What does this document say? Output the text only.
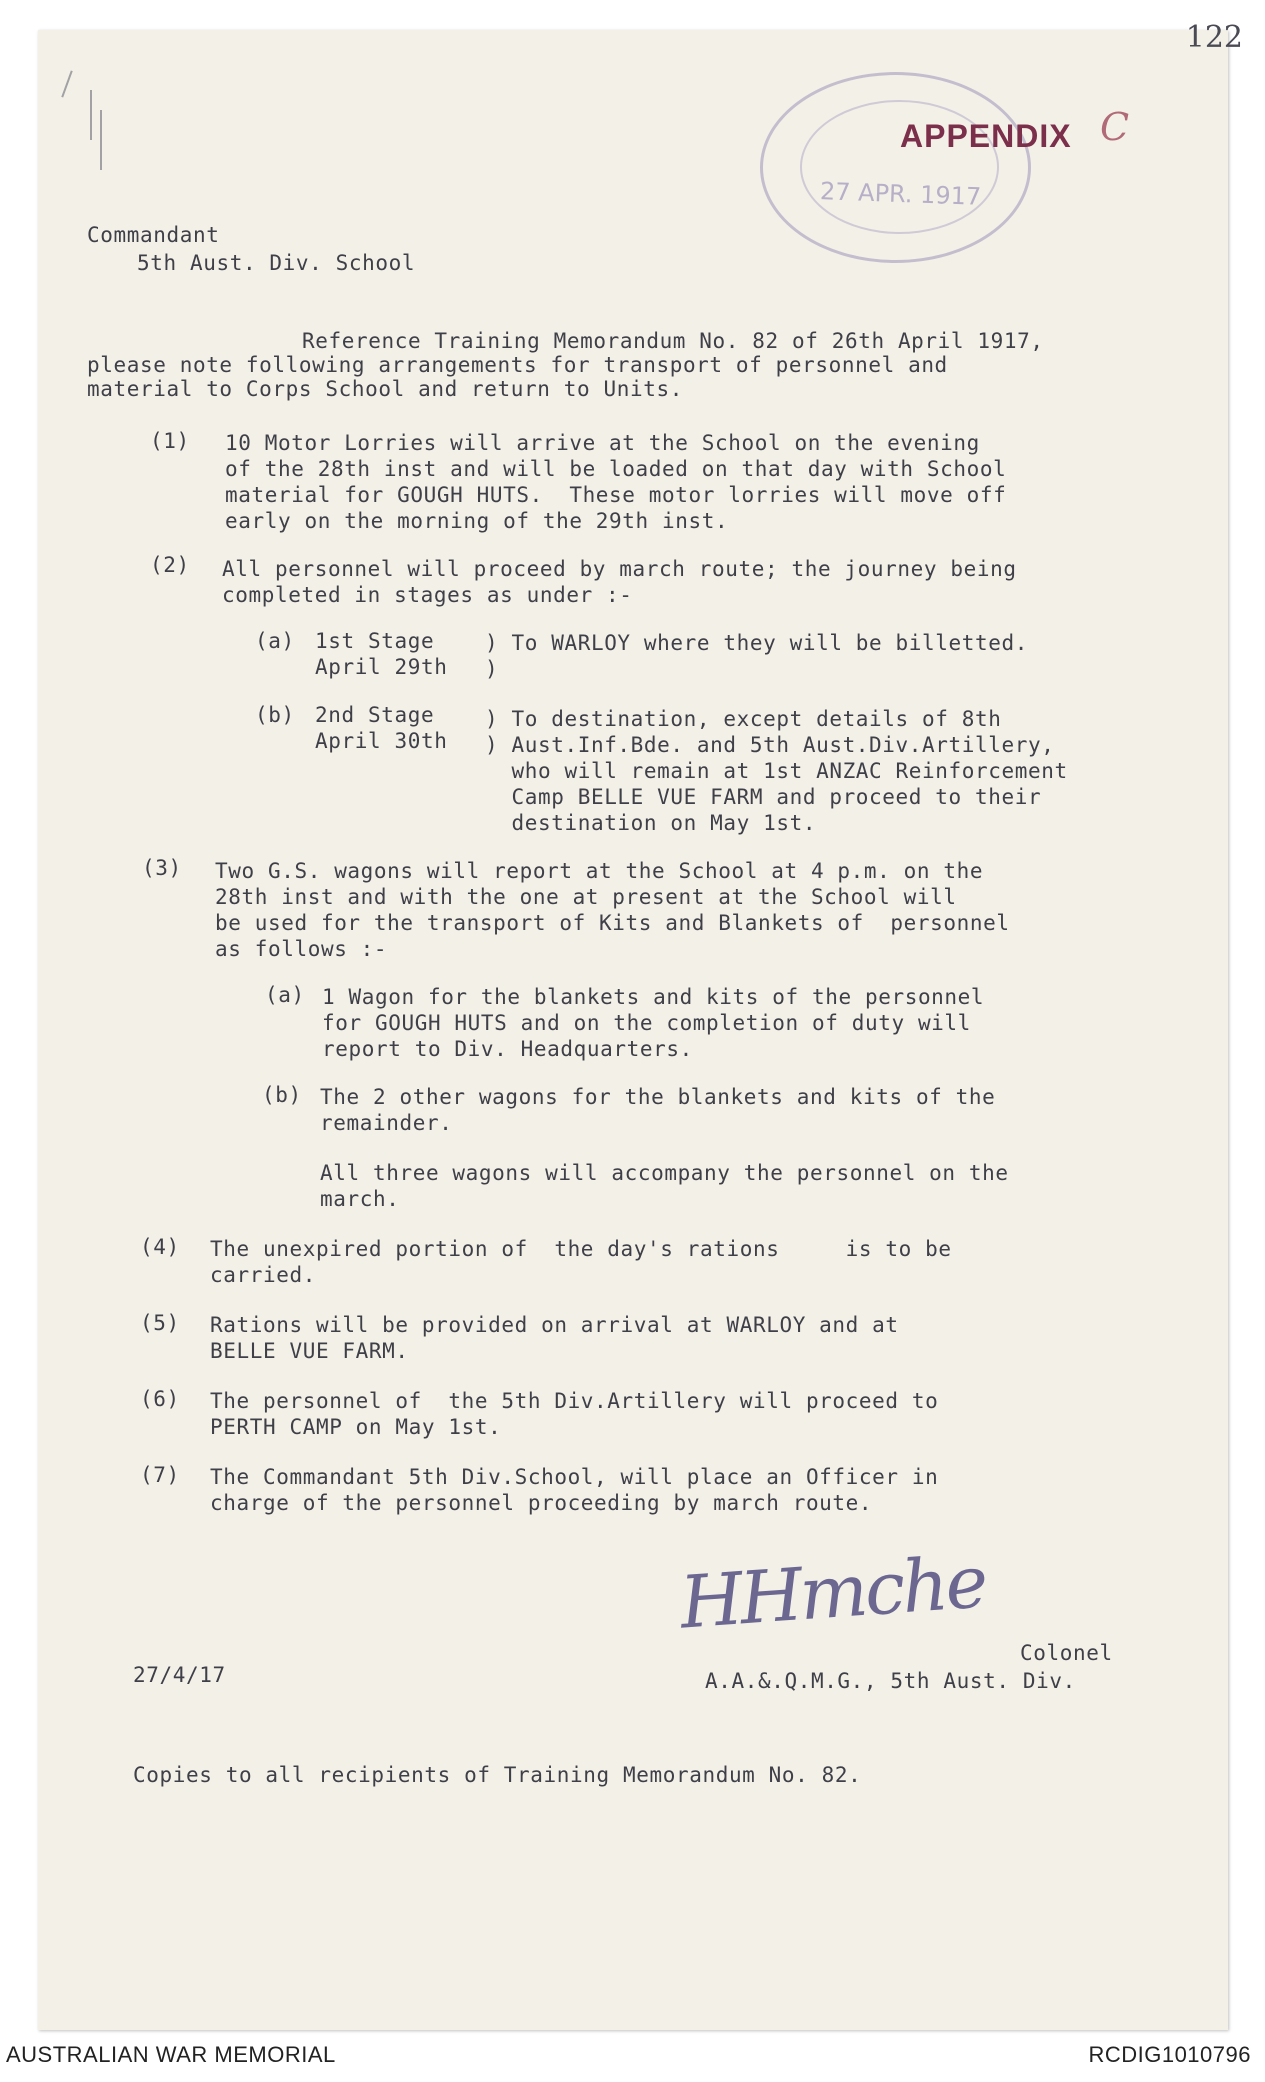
122
27 APR. 1917
APPENDIX C
Commandant
5th Aust. Div. School
Reference Training Memorandum No. 82 of 26th April 1917,
please note following arrangements for transport of personnel and
material to Corps School and return to Units.
(1) 10 Motor Lorries will arrive at the School on the evening
of the 28th inst and will be loaded on that day with School
material for GOUGH HUTS.  These motor lorries will move off
early on the morning of the 29th inst.
(2) All personnel will proceed by march route; the journey being
completed in stages as under :-
(a) 1st Stage
April 29th
) To WARLOY where they will be billetted.
)
(b) 2nd Stage
April 30th
) To destination, except details of 8th
) Aust.Inf.Bde. and 5th Aust.Div.Artillery,
who will remain at 1st ANZAC Reinforcement
Camp BELLE VUE FARM and proceed to their
destination on May 1st.
(3) Two G.S. wagons will report at the School at 4 p.m. on the
28th inst and with the one at present at the School will
be used for the transport of Kits and Blankets of  personnel
as follows :-
(a) 1 Wagon for the blankets and kits of the personnel
for GOUGH HUTS and on the completion of duty will
report to Div. Headquarters.
(b) The 2 other wagons for the blankets and kits of the
remainder.
All three wagons will accompany the personnel on the
march.
(4) The unexpired portion of  the day's rations     is to be
carried.
(5) Rations will be provided on arrival at WARLOY and at
BELLE VUE FARM.
(6) The personnel of  the 5th Div.Artillery will proceed to
PERTH CAMP on May 1st.
(7) The Commandant 5th Div.School, will place an Officer in
charge of the personnel proceeding by march route.
HHmche
Colonel
27/4/17	A.A.&.Q.M.G., 5th Aust. Div.
Copies to all recipients of Training Memorandum No. 82.
AUSTRALIAN WAR MEMORIAL	RCDIG1010796
